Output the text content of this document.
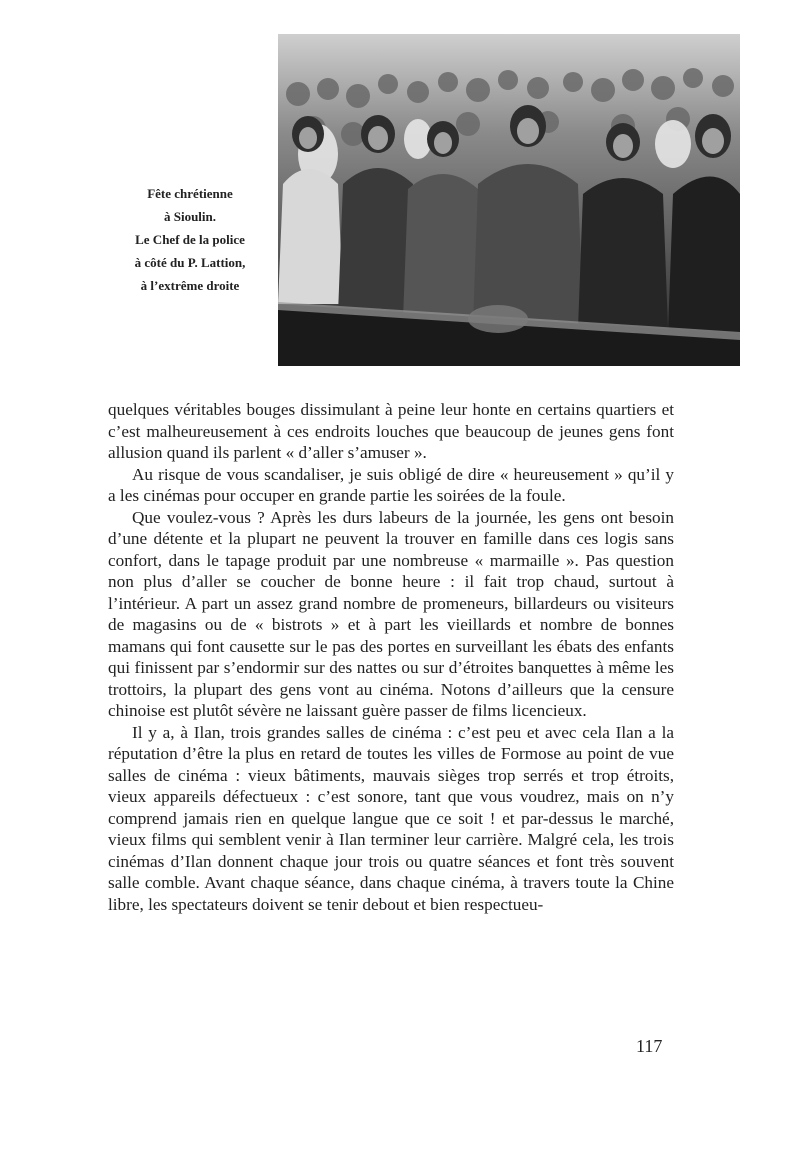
Fête chrétienne
à Sioulin.
Le Chef de la police
à côté du P. Lattion,
à l’extrême droite

quelques véritables bouges dissimulant à peine leur honte en certains quartiers et c’est malheureusement à ces endroits louches que beaucoup de jeunes gens font allusion quand ils parlent « d’aller s’amuser ».

Au risque de vous scandaliser, je suis obligé de dire « heureusement » qu’il y a les cinémas pour occuper en grande partie les soirées de la foule.

Que voulez-vous ? Après les durs labeurs de la journée, les gens ont besoin d’une détente et la plupart ne peuvent la trouver en famille dans ces logis sans confort, dans le tapage produit par une nombreuse « marmaille ». Pas question non plus d’aller se coucher de bonne heure : il fait trop chaud, surtout à l’intérieur. A part un assez grand nombre de promeneurs, billardeurs ou visiteurs de magasins ou de « bistrots » et à part les vieillards et nombre de bonnes mamans qui font causette sur le pas des portes en surveillant les ébats des enfants qui finissent par s’endormir sur des nattes ou sur d’étroites banquettes à même les trottoirs, la plupart des gens vont au cinéma. Notons d’ailleurs que la censure chinoise est plutôt sévère ne laissant guère passer de films licencieux.

Il y a, à Ilan, trois grandes salles de cinéma : c’est peu et avec cela Ilan a la réputation d’être la plus en retard de toutes les villes de Formose au point de vue salles de cinéma : vieux bâtiments, mauvais sièges trop serrés et trop étroits, vieux appareils défectueux : c’est sonore, tant que vous voudrez, mais on n’y comprend jamais rien en quelque langue que ce soit ! et par-dessus le marché, vieux films qui semblent venir à Ilan terminer leur carrière. Malgré cela, les trois cinémas d’Ilan donnent chaque jour trois ou quatre séances et font très souvent salle comble. Avant chaque séance, dans chaque cinéma, à travers toute la Chine libre, les spectateurs doivent se tenir debout et bien respectueu-

117
